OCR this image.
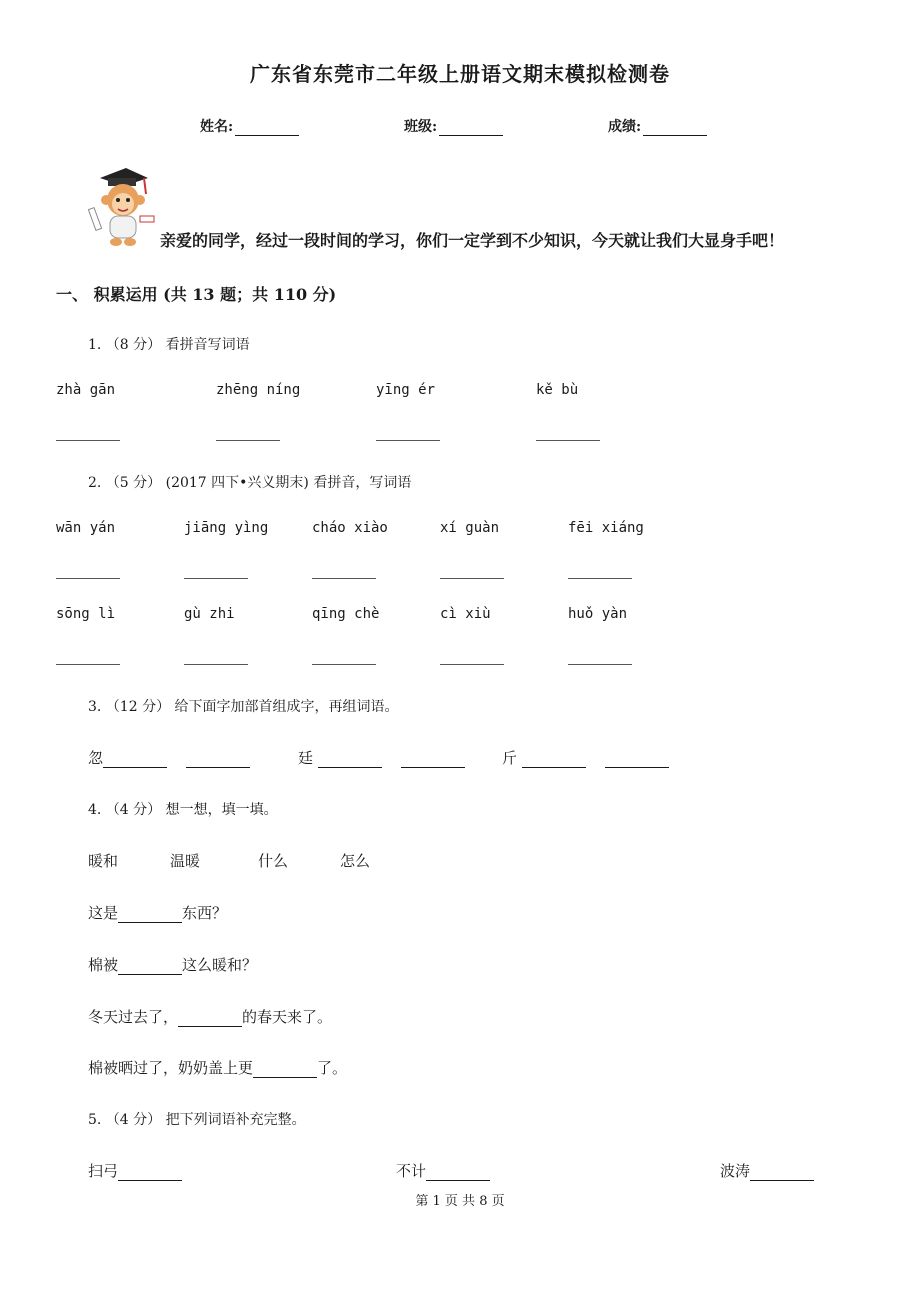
广东省东莞市二年级上册语文期末模拟检测卷
姓名:	班级:	成绩:
亲爱的同学，经过一段时间的学习，你们一定学到不少知识，今天就让我们大显身手吧！
一、 积累运用 (共 13 题；共 110 分)
1. （8 分） 看拼音写词语
zhà gān	zhēng níng	yīng ér	kě bù
2. （5 分） (2017 四下•兴义期末) 看拼音，写词语
wān yán	jiāng yìng	cháo xiào	xí guàn	fēi xiáng
sōng lì	gù zhi	qīng chè	cì xiù	huǒ yàn
3. （12 分） 给下面字加部首组成字，再组词语。
忽	廷	斤
4. （4 分） 想一想，填一填。
暖和	温暖	什么	怎么
这是	东西？
棉被	这么暖和？
冬天过去了，	的春天来了。
棉被晒过了，奶奶盖上更	了。
5. （4 分） 把下列词语补充完整。
扫弓	不计	波涛
第 1 页 共 8 页
